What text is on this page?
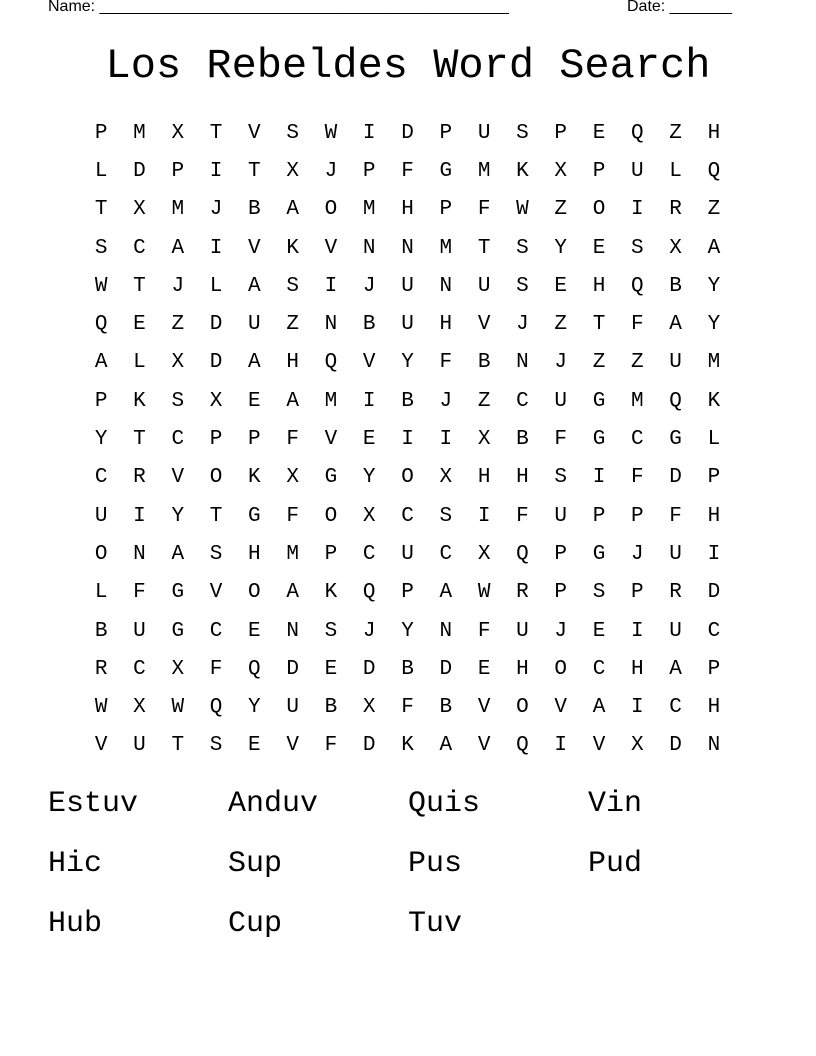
Name: ______________________________________________	Date: _______
Los Rebeldes Word Search
P	M	X	T	V	S	W	I	D	P	U	S	P	E	Q	Z	H
L	D	P	I	T	X	J	P	F	G	M	K	X	P	U	L	Q
T	X	M	J	B	A	O	M	H	P	F	W	Z	O	I	R	Z
S	C	A	I	V	K	V	N	N	M	T	S	Y	E	S	X	A
W	T	J	L	A	S	I	J	U	N	U	S	E	H	Q	B	Y
Q	E	Z	D	U	Z	N	B	U	H	V	J	Z	T	F	A	Y
A	L	X	D	A	H	Q	V	Y	F	B	N	J	Z	Z	U	M
P	K	S	X	E	A	M	I	B	J	Z	C	U	G	M	Q	K
Y	T	C	P	P	F	V	E	I	I	X	B	F	G	C	G	L
C	R	V	O	K	X	G	Y	O	X	H	H	S	I	F	D	P
U	I	Y	T	G	F	O	X	C	S	I	F	U	P	P	F	H
O	N	A	S	H	M	P	C	U	C	X	Q	P	G	J	U	I
L	F	G	V	O	A	K	Q	P	A	W	R	P	S	P	R	D
B	U	G	C	E	N	S	J	Y	N	F	U	J	E	I	U	C
R	C	X	F	Q	D	E	D	B	D	E	H	O	C	H	A	P
W	X	W	Q	Y	U	B	X	F	B	V	O	V	A	I	C	H
V	U	T	S	E	V	F	D	K	A	V	Q	I	V	X	D	N
Estuv	Anduv	Quis	Vin
Hic	Sup	Pus	Pud
Hub	Cup	Tuv
